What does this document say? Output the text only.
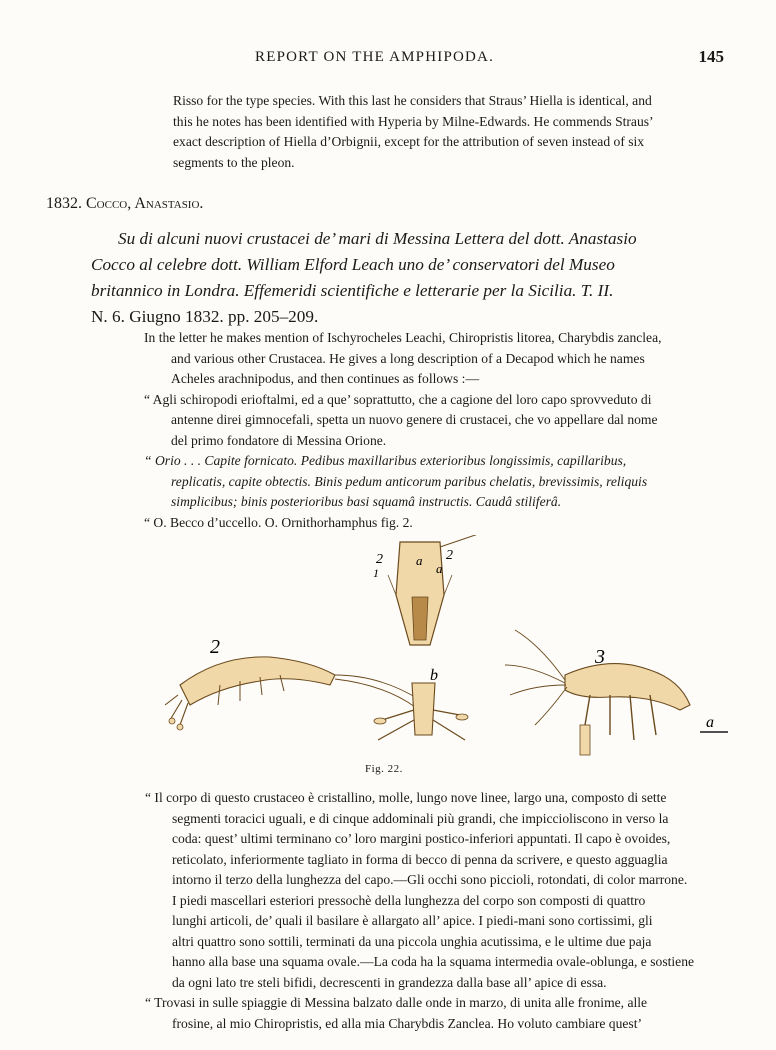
REPORT ON THE AMPHIPODA.	145

Risso for the type species. With this last he considers that Straus’ Hiella is identical, and

this he notes has been identified with Hyperia by Milne-Edwards. He commends Straus’

exact description of Hiella d’Orbignii, except for the attribution of seven instead of six

segments to the pleon.

1832. Cocco, Anastasio.

Su di alcuni nuovi crustacei de’ mari di Messina Lettera del dott. Anastasio

Cocco al celebre dott. William Elford Leach uno de’ conservatori del Museo

britannico in Londra. Effemeridi scientifiche e letterarie per la Sicilia. T. II.

N. 6. Giugno 1832. pp. 205–209.

In the letter he makes mention of Ischyrocheles Leachi, Chiropristis litorea, Charybdis zanclea,

and various other Crustacea. He gives a long description of a Decapod which he names

Acheles arachnipodus, and then continues as follows :—

“ Agli schiropodi erioftalmi, ed a que’ soprattutto, che a cagione del loro capo sprovveduto di

antenne direi gimnocefali, spetta un nuovo genere di crustacei, che vo appellare dal nome

del primo fondatore di Messina Orione.

“ Orio . . . Capite fornicato. Pedibus maxillaribus exterioribus longissimis, capillaribus,

replicatis, capite obtectis. Binis pedum anticorum paribus chelatis, brevissimis, reliquis

simplicibus; binis posterioribus basi squamâ instructis. Caudâ stiliferâ.

“ O. Becco d’uccello. O. Ornithorhamphus fig. 2.

2
1
a 2
a
2
b
3
a
Fig. 22.

“ Il corpo di questo crustaceo è cristallino, molle, lungo nove linee, largo una, composto di sette

segmenti toracici uguali, e di cinque addominali più grandi, che impiccioliscono in verso la

coda: quest’ ultimi terminano co’ loro margini postico-inferiori appuntati. Il capo è ovoides,

reticolato, inferiormente tagliato in forma di becco di penna da scrivere, e questo agguaglia

intorno il terzo della lunghezza del capo.—Gli occhi sono piccioli, rotondati, di color marrone.

I piedi mascellari esteriori pressochè della lunghezza del corpo son composti di quattro

lunghi articoli, de’ quali il basilare è allargato all’ apice. I piedi-mani sono cortissimi, gli

altri quattro sono sottili, terminati da una piccola unghia acutissima, e le ultime due paja

hanno alla base una squama ovale.—La coda ha la squama intermedia ovale-oblunga, e sostiene

da ogni lato tre steli bifidi, decrescenti in grandezza dalla base all’ apice di essa.

“ Trovasi in sulle spiaggie di Messina balzato dalle onde in marzo, di unita alle fronime, alle

frosine, al mio Chiropristis, ed alla mia Charybdis Zanclea. Ho voluto cambiare quest’
